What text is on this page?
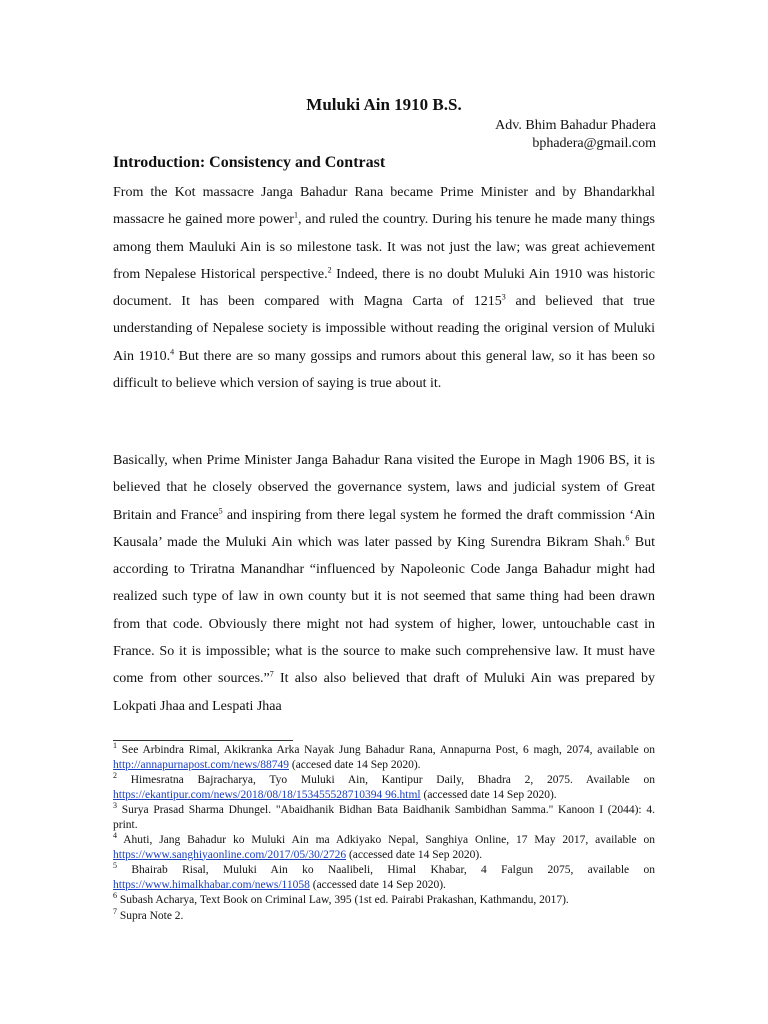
Muluki Ain 1910 B.S.
Adv. Bhim Bahadur Phadera
bphadera@gmail.com
Introduction: Consistency and Contrast

From the Kot massacre Janga Bahadur Rana became Prime Minister and by Bhandarkhal massacre he gained more power$^1$, and ruled the country. During his tenure he made many things among them Mauluki Ain is so milestone task. It was not just the law; was great achievement from Nepalese Historical perspective.$^2$ Indeed, there is no doubt Muluki Ain 1910 was historic document. It has been compared with Magna Carta of 1215$^3$ and believed that true understanding of Nepalese society is impossible without reading the original version of Muluki Ain 1910.$^4$ But there are so many gossips and rumors about this general law, so it has been so difficult to believe which version of saying is true about it.

Basically, when Prime Minister Janga Bahadur Rana visited the Europe in Magh 1906 BS, it is believed that he closely observed the governance system, laws and judicial system of Great Britain and France$^5$ and inspiring from there legal system he formed the draft commission ‘Ain Kausala’ made the Muluki Ain which was later passed by King Surendra Bikram Shah.$^6$ But according to Triratna Manandhar “influenced by Napoleonic Code Janga Bahadur might had realized such type of law in own county but it is not seemed that same thing had been drawn from that code. Obviously there might not had system of higher, lower, untouchable cast in France. So it is impossible; what is the source to make such comprehensive law. It must have come from other sources.”$^7$ It also also believed that draft of Muluki Ain was prepared by Lokpati Jhaa and Lespati Jhaa

$^1$ See Arbindra Rimal, Akikranka Arka Nayak Jung Bahadur Rana, Annapurna Post, 6 magh, 2074, available on http://annapurnapost.com/news/88749 (accesed date 14 Sep 2020).

$^2$ Himesratna Bajracharya, Tyo Muluki Ain, Kantipur Daily, Bhadra 2, 2075. Available on https://ekantipur.com/news/2018/08/18/153455528710394 96.html (accessed date 14 Sep 2020).

$^3$ Surya Prasad Sharma Dhungel. "Abaidhanik Bidhan Bata Baidhanik Sambidhan Samma." Kanoon I (2044): 4. print.

$^4$ Ahuti, Jang Bahadur ko Muluki Ain ma Adkiyako Nepal, Sanghiya Online, 17 May 2017, available on https://www.sanghiyaonline.com/2017/05/30/2726 (accessed date 14 Sep 2020).

$^5$ Bhairab Risal, Muluki Ain ko Naalibeli, Himal Khabar, 4 Falgun 2075, available on https://www.himalkhabar.com/news/11058 (accessed date 14 Sep 2020).

$^6$ Subash Acharya, Text Book on Criminal Law, 395 (1st ed. Pairabi Prakashan, Kathmandu, 2017).

$^7$ Supra Note 2.
